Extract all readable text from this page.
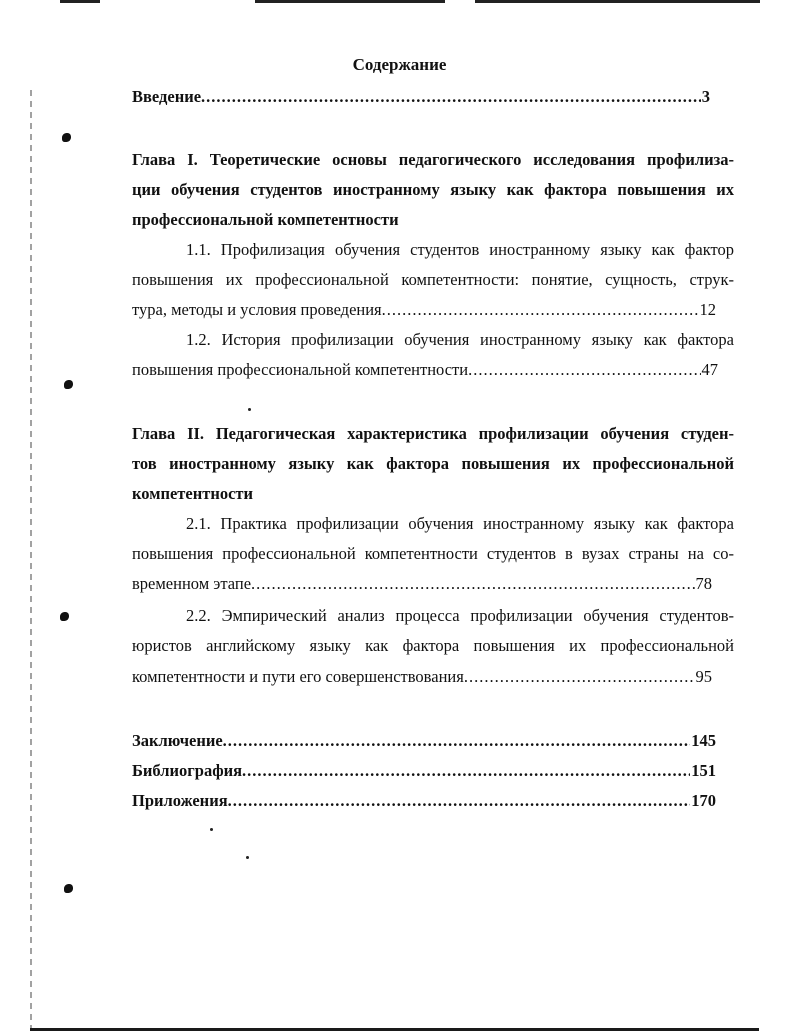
Содержание
Введение .....	3
Глава I. Теоретические основы педагогического исследования профилиза-
ции обучения студентов иностранному языку как фактора повышения их
профессиональной компетентности
1.1. Профилизация обучения студентов иностранному языку как фактор
повышения их профессиональной компетентности: понятие, сущность, струк-
тура, методы и условия проведения .....	12
1.2. История профилизации обучения иностранному языку как фактора
повышения профессиональной компетентности .....	47
Глава II. Педагогическая характеристика профилизации обучения студен-
тов иностранному языку как фактора повышения их профессиональной
компетентности
2.1. Практика профилизации обучения иностранному языку как фактора
повышения профессиональной компетентности студентов в вузах страны на со-
временном этапе .....	78
2.2. Эмпирический анализ процесса профилизации обучения студентов-
юристов английскому языку как фактора повышения их профессиональной
компетентности и пути его совершенствования .....	95
Заключение .....	145
Библиография .....	151
Приложения .....	170
